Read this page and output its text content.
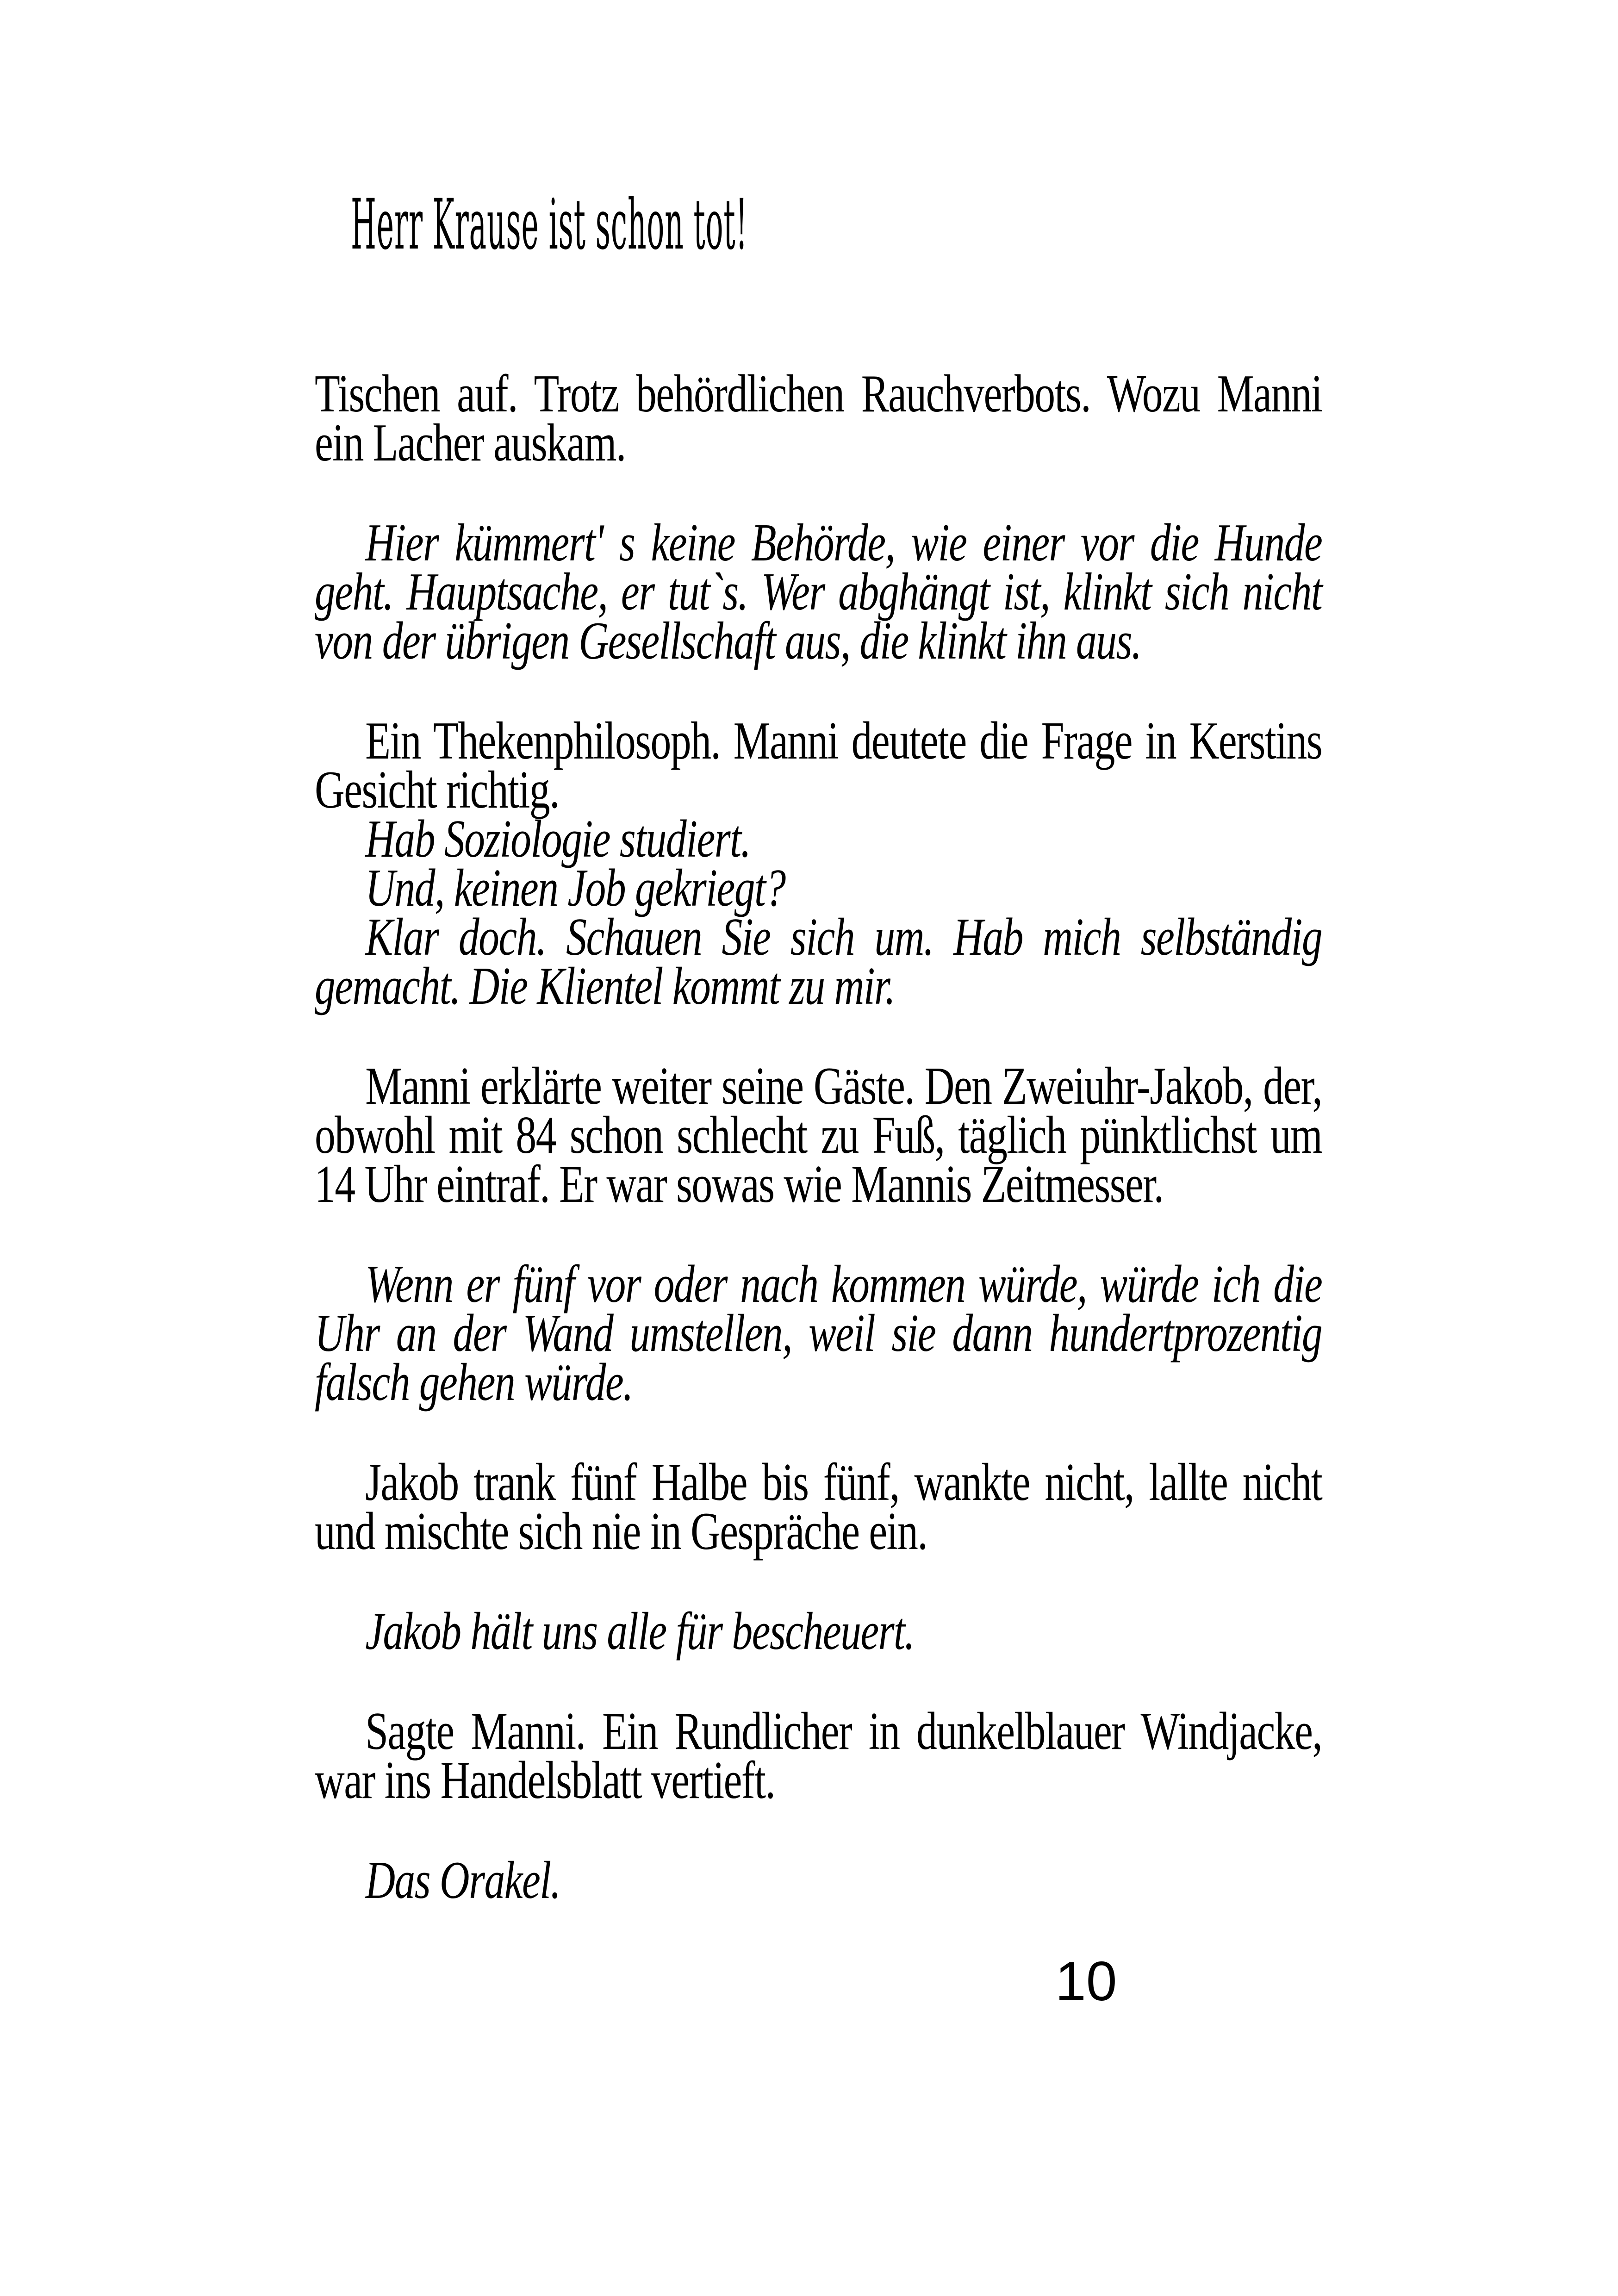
Herr Krause ist schon tot!

Tischen auf. Trotz behördlichen Rauchverbots. Wozu Manni ein Lacher auskam.

Hier kümmert' s keine Behörde, wie einer vor die Hunde geht. Hauptsache, er tut`s. Wer abghängt ist, klinkt sich nicht von der übrigen Gesellschaft aus, die klinkt ihn aus.

Ein Thekenphilosoph. Manni deutete die Frage in Kerstins Gesicht richtig.

Hab Soziologie studiert.

Und, keinen Job gekriegt?

Klar doch. Schauen Sie sich um. Hab mich selbständig gemacht. Die Klientel kommt zu mir.

Manni erklärte weiter seine Gäste. Den Zweiuhr-Jakob, der, obwohl mit 84 schon schlecht zu Fuß, täglich pünktlichst um 14 Uhr eintraf. Er war sowas wie Mannis Zeitmesser.

Wenn er fünf vor oder nach kommen würde, würde ich die Uhr an der Wand umstellen, weil sie dann hundertprozentig falsch gehen würde.

Jakob trank fünf Halbe bis fünf, wankte nicht, lallte nicht und mischte sich nie in Gespräche ein.

Jakob hält uns alle für bescheuert.

Sagte Manni. Ein Rundlicher in dunkelblauer Windjacke, war ins Handelsblatt vertieft.

Das Orakel.

10
